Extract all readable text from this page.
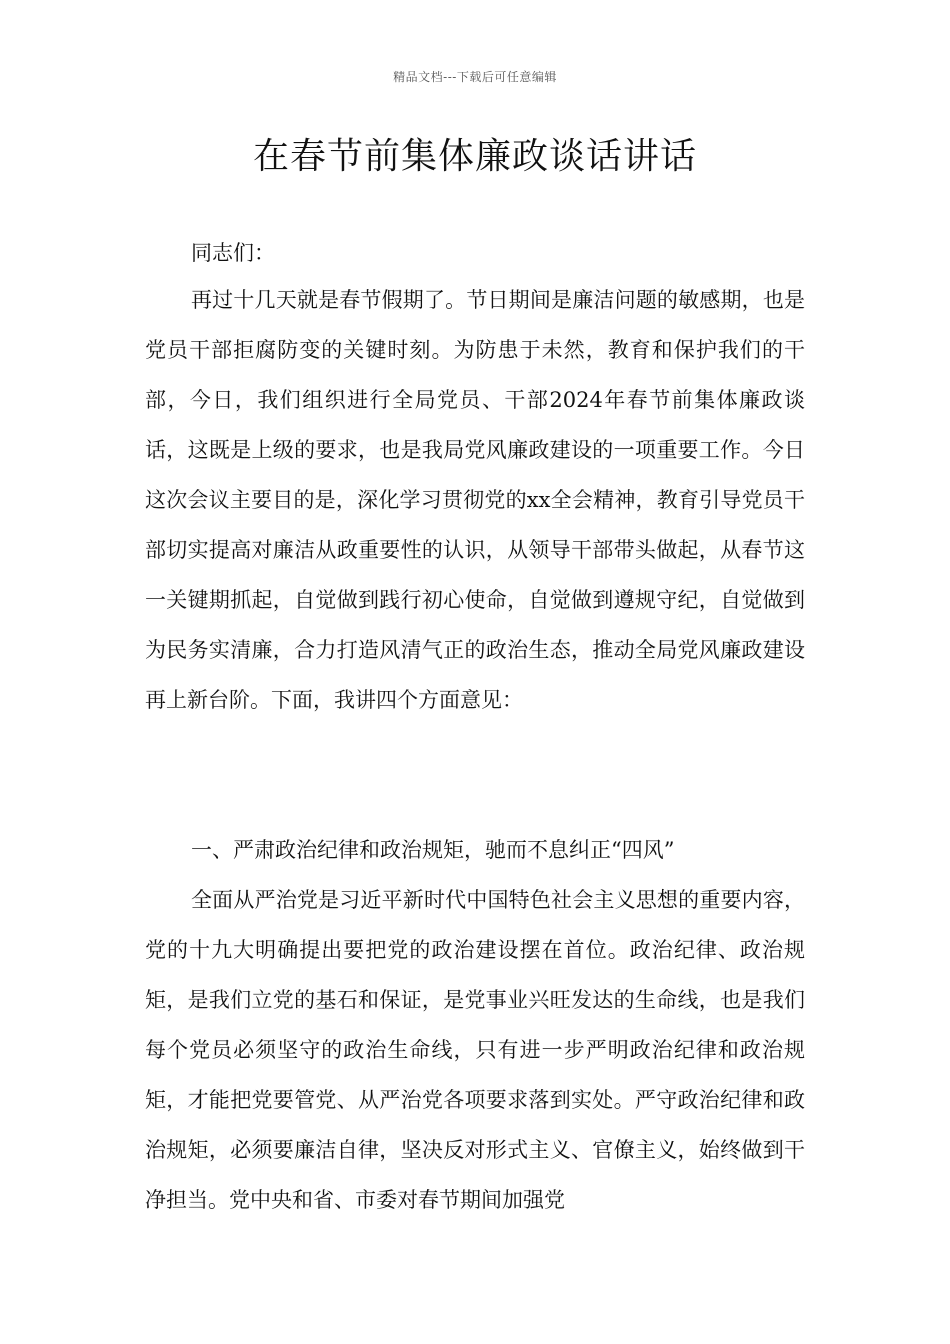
精品文档---下载后可任意编辑
在春节前集体廉政谈话讲话

同志们：

再过十几天就是春节假期了。节日期间是廉洁问题的敏感期，也是党员干部拒腐防变的关键时刻。为防患于未然，教育和保护我们的干部，今日，我们组织进行全局党员、干部2024年春节前集体廉政谈话，这既是上级的要求，也是我局党风廉政建设的一项重要工作。今日这次会议主要目的是，深化学习贯彻党的xx全会精神，教育引导党员干部切实提高对廉洁从政重要性的认识，从领导干部带头做起，从春节这一关键期抓起，自觉做到践行初心使命，自觉做到遵规守纪，自觉做到为民务实清廉，合力打造风清气正的政治生态，推动全局党风廉政建设再上新台阶。下面，我讲四个方面意见：

一、严肃政治纪律和政治规矩，驰而不息纠正“四风”

全面从严治党是习近平新时代中国特色社会主义思想的重要内容，党的十九大明确提出要把党的政治建设摆在首位。政治纪律、政治规矩，是我们立党的基石和保证，是党事业兴旺发达的生命线，也是我们每个党员必须坚守的政治生命线，只有进一步严明政治纪律和政治规矩，才能把党要管党、从严治党各项要求落到实处。严守政治纪律和政治规矩，必须要廉洁自律，坚决反对形式主义、官僚主义，始终做到干净担当。党中央和省、市委对春节期间加强党
